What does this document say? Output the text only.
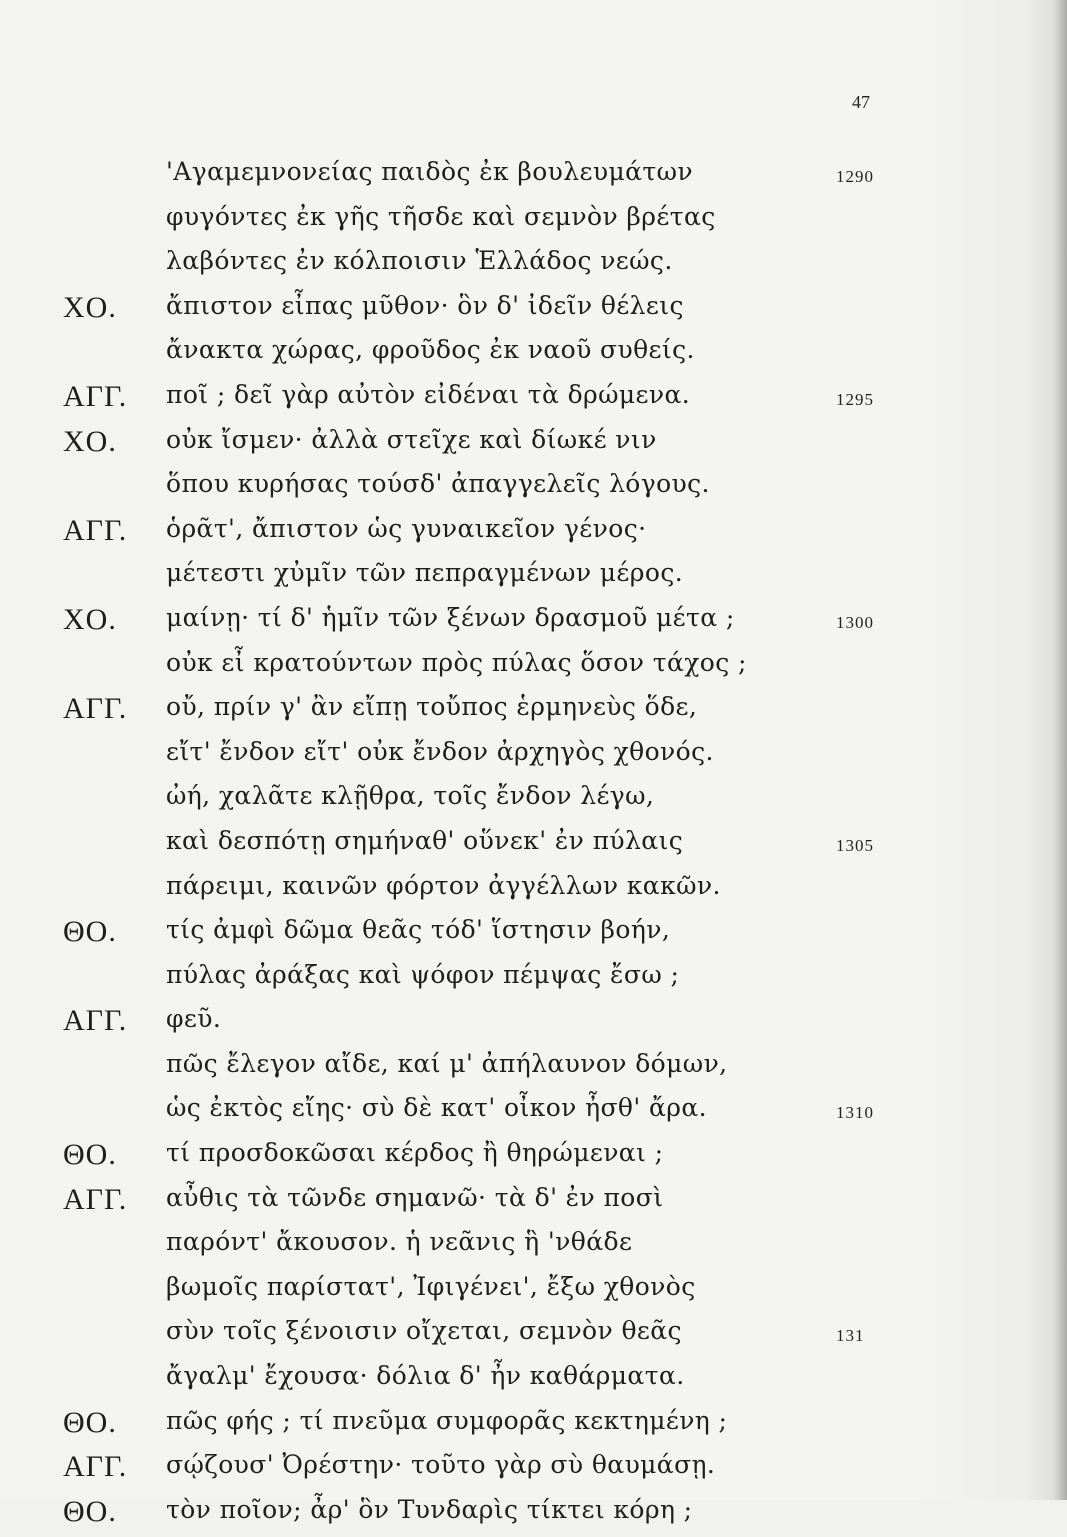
47
'Αγαμεμνονείας παιδὸς ἐκ βουλευμάτων	1290
φυγόντες ἐκ γῆς τῆσδε καὶ σεμνὸν βρέτας
λαβόντες ἐν κόλποισιν Ἑλλάδος νεώς.
ΧΟ. ἄπιστον εἶπας μῦθον· ὃν δ' ἰδεῖν θέλεις
ἄνακτα χώρας, φροῦδος ἐκ ναοῦ συθείς.
ΑΓΓ. ποῖ ; δεῖ γὰρ αὐτὸν εἰδέναι τὰ δρώμενα.	1295
ΧΟ. οὐκ ἴσμεν· ἀλλὰ στεῖχε καὶ δίωκέ νιν
ὅπου κυρήσας τούσδ' ἀπαγγελεῖς λόγους.
ΑΓΓ. ὁρᾶτ', ἄπιστον ὡς γυναικεῖον γένος·
μέτεστι χὐμῖν τῶν πεπραγμένων μέρος.
ΧΟ. μαίνῃ· τί δ' ἡμῖν τῶν ξένων δρασμοῦ μέτα ;	1300
οὐκ εἶ κρατούντων πρὸς πύλας ὅσον τάχος ;
ΑΓΓ. οὔ, πρίν γ' ἂν εἴπῃ τοὔπος ἑρμηνεὺς ὅδε,
εἴτ' ἔνδον εἴτ' οὐκ ἔνδον ἀρχηγὸς χθονός.
ὠή, χαλᾶτε κλῇθρα, τοῖς ἔνδον λέγω,
καὶ δεσπότῃ σημήναθ' οὕνεκ' ἐν πύλαις	1305
πάρειμι, καινῶν φόρτον ἀγγέλλων κακῶν.
ΘΟ. τίς ἀμφὶ δῶμα θεᾶς τόδ' ἵστησιν βοήν,
πύλας ἀράξας καὶ ψόφον πέμψας ἔσω ;
ΑΓΓ. φεῦ.
πῶς ἔλεγον αἴδε, καί μ' ἀπήλαυνον δόμων,
ὡς ἐκτὸς εἴης· σὺ δὲ κατ' οἶκον ἦσθ' ἄρα.	1310
ΘΟ. τί προσδοκῶσαι κέρδος ἢ θηρώμεναι ;
ΑΓΓ. αὖθις τὰ τῶνδε σημανῶ· τὰ δ' ἐν ποσὶ
παρόντ' ἄκουσον. ἡ νεᾶνις ἣ 'νθάδε
βωμοῖς παρίστατ', Ἰφιγένει', ἔξω χθονὸς
σὺν τοῖς ξένοισιν οἴχεται, σεμνὸν θεᾶς	131
ἄγαλμ' ἔχουσα· δόλια δ' ἦν καθάρματα.
ΘΟ. πῶς φής ; τί πνεῦμα συμφορᾶς κεκτημένη ;
ΑΓΓ. σῴζουσ' Ὀρέστην· τοῦτο γὰρ σὺ θαυμάσῃ.
ΘΟ. τὸν ποῖον; ἆρ' ὃν Τυνδαρὶς τίκτει κόρη ;
